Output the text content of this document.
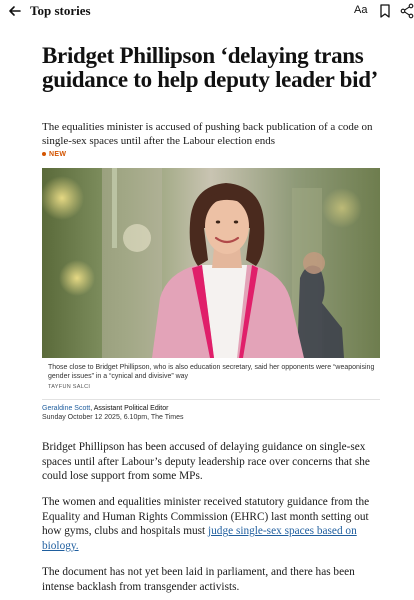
Top stories	Aa
Bridget Phillipson ‘delaying trans guidance to help deputy leader bid’

The equalities minister is accused of pushing back publication of a code on single-sex spaces until after the Labour election ends

NEW

Those close to Bridget Phillipson, who is also education secretary, said her opponents were “weaponising gender issues” in a “cynical and divisive” way

TAYFUN SALCI
Geraldine Scott, Assistant Political Editor
Sunday October 12 2025, 6.10pm, The Times

Bridget Phillipson has been accused of delaying guidance on single-sex spaces until after Labour’s deputy leadership race over concerns that she could lose support from some MPs.

The women and equalities minister received statutory guidance from the Equality and Human Rights Commission (EHRC) last month setting out how gyms, clubs and hospitals must judge single-sex spaces based on biology.

The document has not yet been laid in parliament, and there has been intense backlash from transgender activists.
